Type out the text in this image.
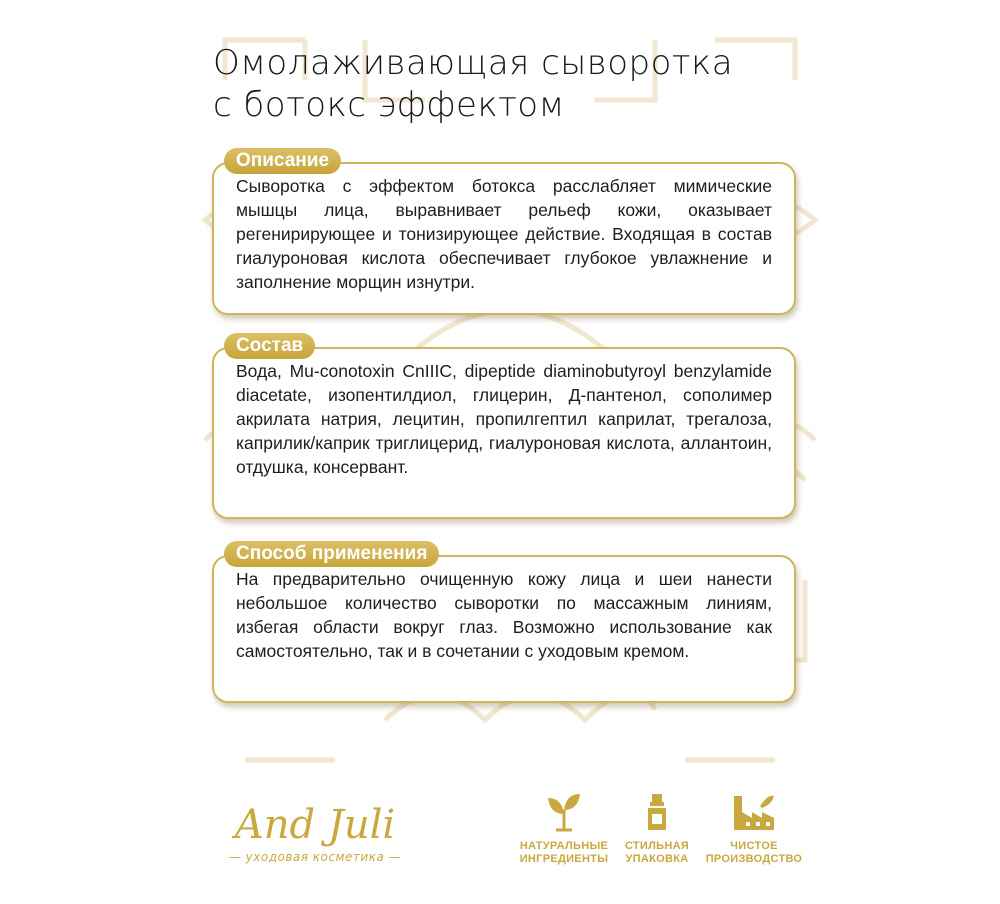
Омолаживающая сыворотка
с ботокс эффектом
Описание
Сыворотка с эффектом ботокса расслабляет мимические мышцы лица, выравнивает рельеф кожи, оказывает регенирирующее и тонизирующее действие. Входящая в состав гиалуроновая кислота обеспечивает глубокое увлажнение и заполнение морщин изнутри.
Состав
Вода, Mu-conotoxin CnIIIC, dipeptide diaminobutyroyl benzylamide diacetate, изопентилдиол, глицерин, Д-пантенол, сополимер акрилата натрия, лецитин, пропилгептил каприлат, трегалоза, каприлик/каприк триглицерид, гиалуроновая кислота, аллантоин, отдушка, консервант.
Способ применения
На предварительно очищенную кожу лица и шеи нанести небольшое количество сыворотки по массажным линиям, избегая области вокруг глаз. Возможно использование как самостоятельно, так и в сочетании с уходовым кремом.
And Juli
— уходовая косметика —
НАТУРАЛЬНЫЕ
ИНГРЕДИЕНТЫ
СТИЛЬНАЯ
УПАКОВКА
ЧИСТОЕ
ПРОИЗВОДСТВО
